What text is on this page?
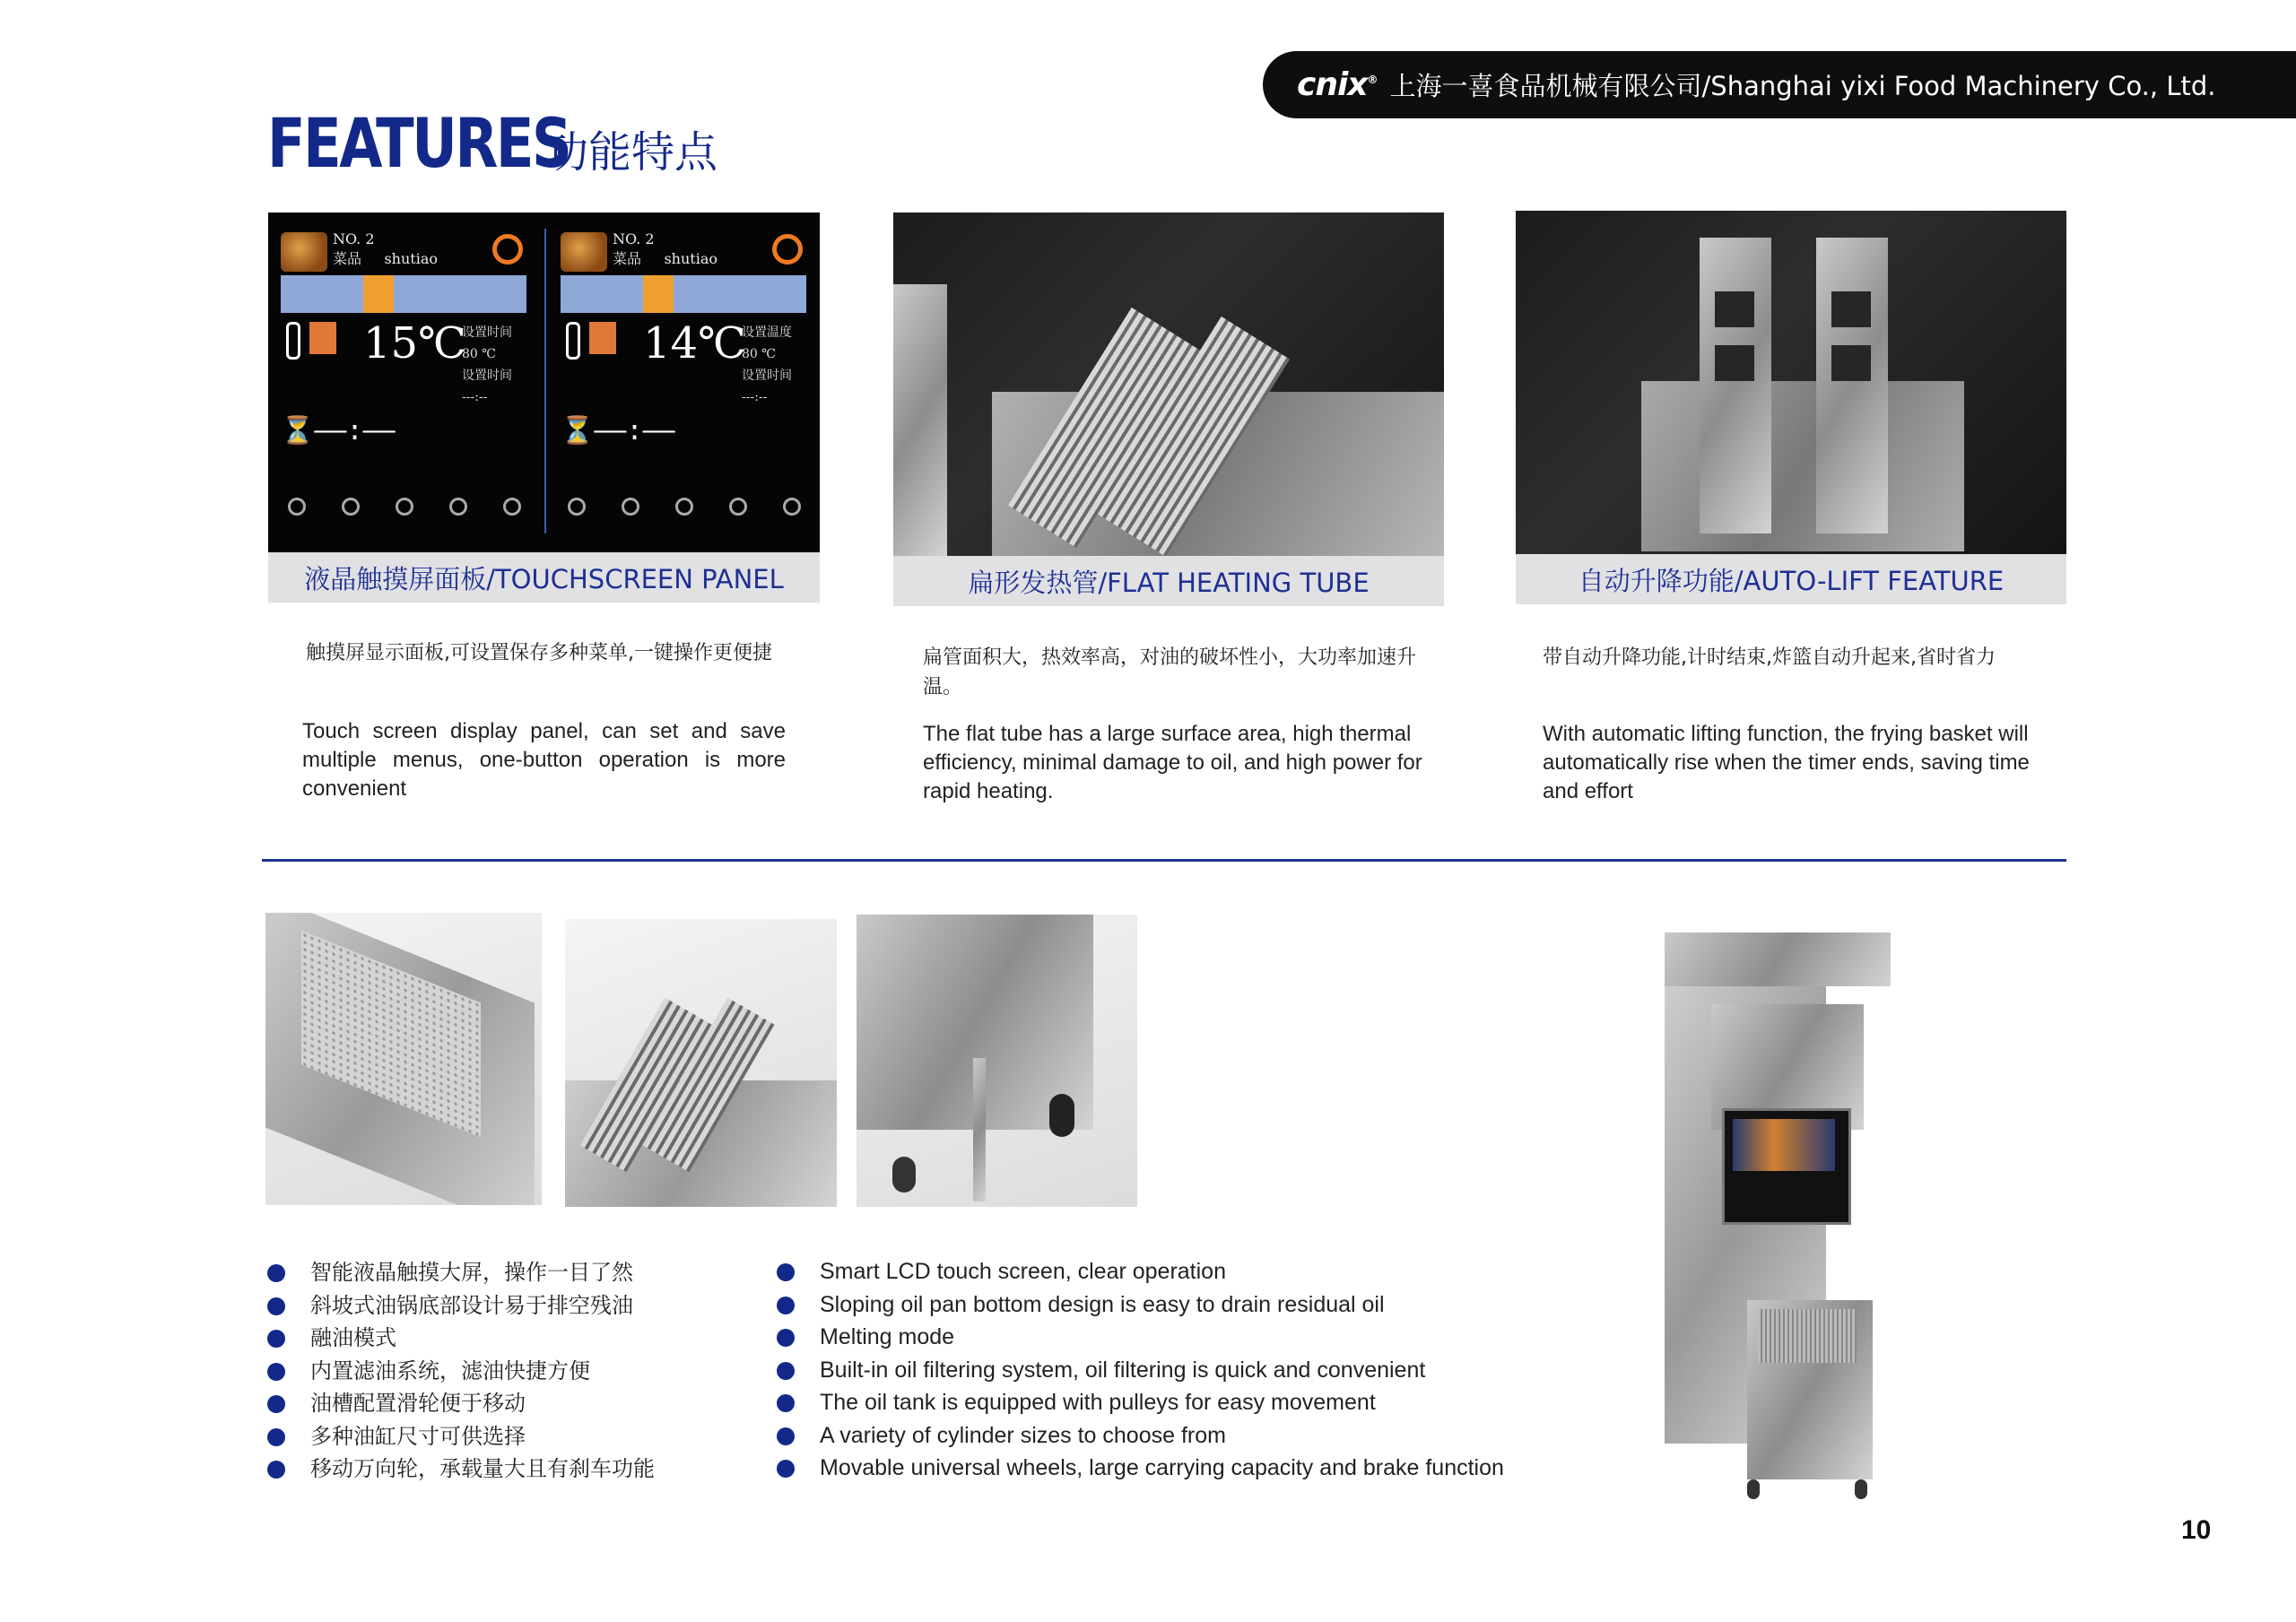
cnix® 上海一喜食品机械有限公司/Shanghai yixi Food Machinery Co., Ltd.
FEATURES
功能特点
NO. 2
菜品 shutiao
15℃
设置时间
80 ℃
设置时间
---:--
⏳——:——
NO. 2
菜品 shutiao
14℃
设置温度
80 ℃
设置时间
---:--
⏳——:——
液晶触摸屏面板/TOUCHSCREEN PANEL
触摸屏显示面板,可设置保存多种菜单,一键操作更便捷
Touch screen display panel, can set and save multiple menus, one-button operation is more convenient
扁形发热管/FLAT HEATING TUBE
扁管面积大，热效率高，对油的破坏性小，大功率加速升温。
The flat tube has a large surface area, high thermal efficiency, minimal damage to oil, and high power for rapid heating.
自动升降功能/AUTO-LIFT FEATURE
带自动升降功能,计时结束,炸篮自动升起来,省时省力
With automatic lifting function, the frying basket will automatically rise when the timer ends, saving time and effort
智能液晶触摸大屏，操作一目了然
斜坡式油锅底部设计易于排空残油
融油模式
内置滤油系统，滤油快捷方便
油槽配置滑轮便于移动
多种油缸尺寸可供选择
移动万向轮，承载量大且有刹车功能
Smart LCD touch screen, clear operation
Sloping oil pan bottom design is easy to drain residual oil
Melting mode
Built-in oil filtering system, oil filtering is quick and convenient
The oil tank is equipped with pulleys for easy movement
A variety of cylinder sizes to choose from
Movable universal wheels, large carrying capacity and brake function
10
